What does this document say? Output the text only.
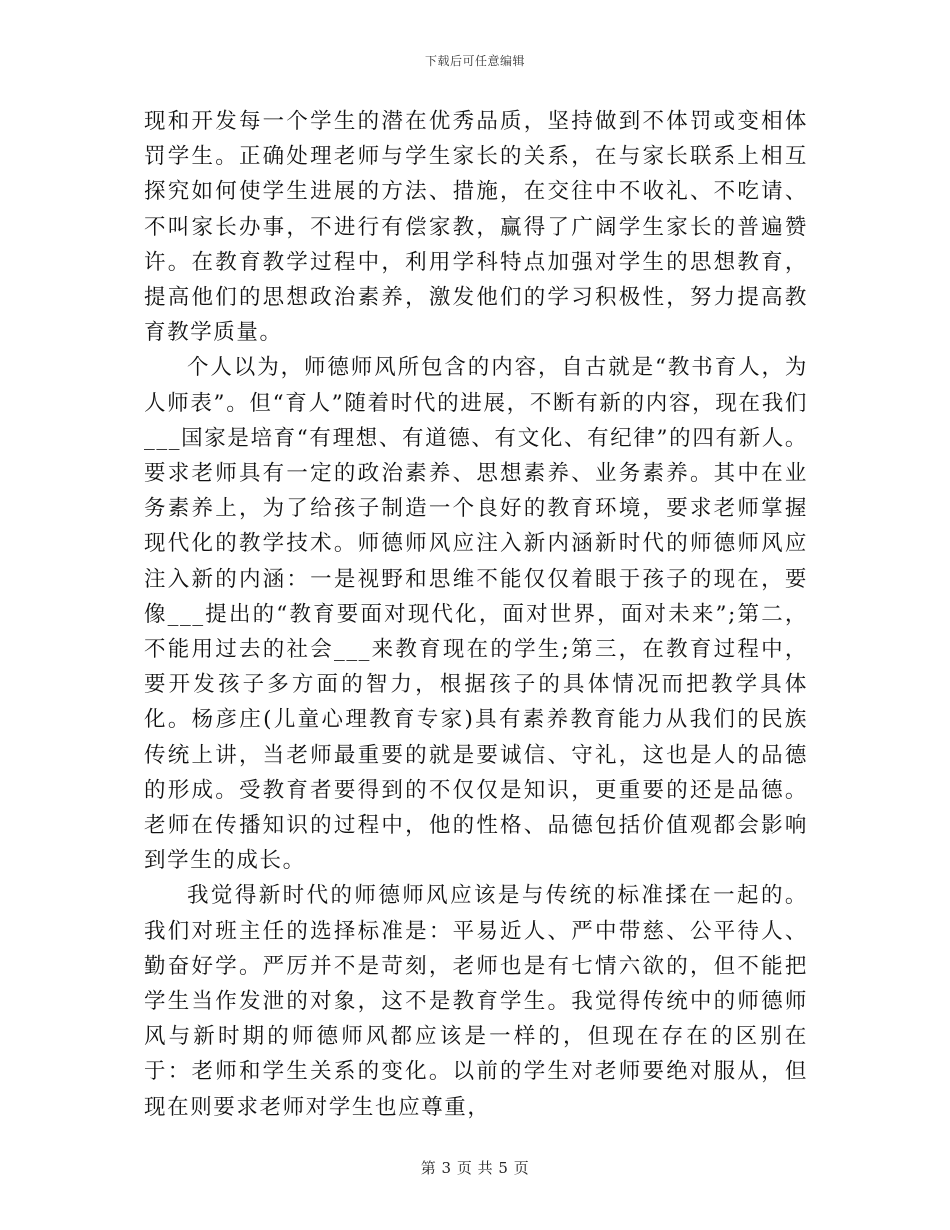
下载后可任意编辑

现和开发每一个学生的潜在优秀品质，坚持做到不体罚或变相体罚学生。正确处理老师与学生家长的关系，在与家长联系上相互探究如何使学生进展的方法、措施，在交往中不收礼、不吃请、不叫家长办事，不进行有偿家教，赢得了广阔学生家长的普遍赞许。在教育教学过程中，利用学科特点加强对学生的思想教育，提高他们的思想政治素养，激发他们的学习积极性，努力提高教育教学质量。

个人以为，师德师风所包含的内容，自古就是“教书育人，为人师表”。但“育人”随着时代的进展，不断有新的内容，现在我们___国家是培育“有理想、有道德、有文化、有纪律”的四有新人。要求老师具有一定的政治素养、思想素养、业务素养。其中在业务素养上，为了给孩子制造一个良好的教育环境，要求老师掌握现代化的教学技术。师德师风应注入新内涵新时代的师德师风应注入新的内涵：一是视野和思维不能仅仅着眼于孩子的现在，要像___提出的“教育要面对现代化，面对世界，面对未来”;第二，不能用过去的社会___来教育现在的学生;第三，在教育过程中，要开发孩子多方面的智力，根据孩子的具体情况而把教学具体化。杨彦庄(儿童心理教育专家)具有素养教育能力从我们的民族传统上讲，当老师最重要的就是要诚信、守礼，这也是人的品德的形成。受教育者要得到的不仅仅是知识，更重要的还是品德。老师在传播知识的过程中，他的性格、品德包括价值观都会影响到学生的成长。

我觉得新时代的师德师风应该是与传统的标准揉在一起的。我们对班主任的选择标准是：平易近人、严中带慈、公平待人、勤奋好学。严厉并不是苛刻，老师也是有七情六欲的，但不能把学生当作发泄的对象，这不是教育学生。我觉得传统中的师德师风与新时期的师德师风都应该是一样的，但现在存在的区别在于：老师和学生关系的变化。以前的学生对老师要绝对服从，但现在则要求老师对学生也应尊重，

第 3 页 共 5 页
